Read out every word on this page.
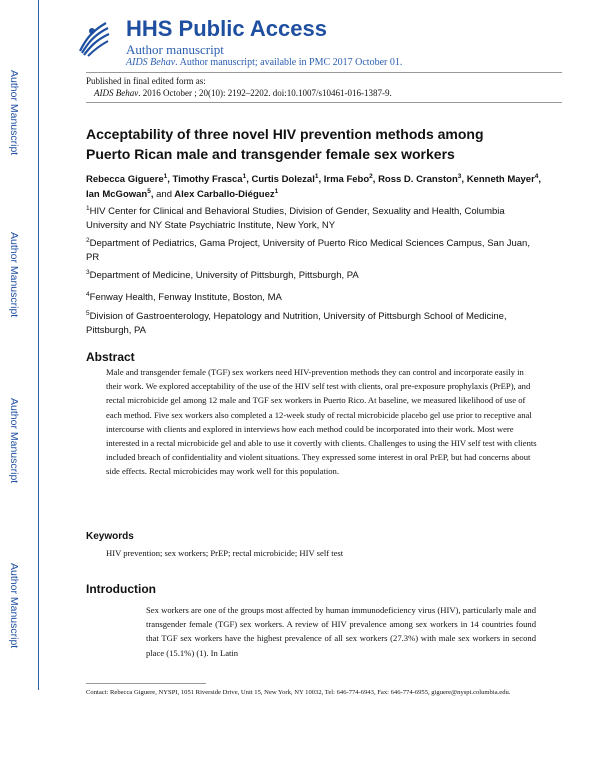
Author Manuscript
Author Manuscript
Author Manuscript
Author Manuscript
HHS Public Access
Author manuscript
AIDS Behav. Author manuscript; available in PMC 2017 October 01.
Published in final edited form as:
AIDS Behav. 2016 October ; 20(10): 2192–2202. doi:10.1007/s10461-016-1387-9.
Acceptability of three novel HIV prevention methods among Puerto Rican male and transgender female sex workers
Rebecca Giguere$^1$, Timothy Frasca$^1$, Curtis Dolezal$^1$, Irma Febo$^2$, Ross D. Cranston$^3$, Kenneth Mayer$^4$, Ian McGowan$^5$, and Alex Carballo-Diéguez$^1$
$^1$HIV Center for Clinical and Behavioral Studies, Division of Gender, Sexuality and Health, Columbia University and NY State Psychiatric Institute, New York, NY
$^2$Department of Pediatrics, Gama Project, University of Puerto Rico Medical Sciences Campus, San Juan, PR
$^3$Department of Medicine, University of Pittsburgh, Pittsburgh, PA
$^4$Fenway Health, Fenway Institute, Boston, MA
$^5$Division of Gastroenterology, Hepatology and Nutrition, University of Pittsburgh School of Medicine, Pittsburgh, PA
Abstract
Male and transgender female (TGF) sex workers need HIV-prevention methods they can control and incorporate easily in their work. We explored acceptability of the use of the HIV self test with clients, oral pre-exposure prophylaxis (PrEP), and rectal microbicide gel among 12 male and TGF sex workers in Puerto Rico. At baseline, we measured likelihood of use of each method. Five sex workers also completed a 12-week study of rectal microbicide placebo gel use prior to receptive anal intercourse with clients and explored in interviews how each method could be incorporated into their work. Most were interested in a rectal microbicide gel and able to use it covertly with clients. Challenges to using the HIV self test with clients included breach of confidentiality and violent situations. They expressed some interest in oral PrEP, but had concerns about side effects. Rectal microbicides may work well for this population.
Keywords
HIV prevention; sex workers; PrEP; rectal microbicide; HIV self test
Introduction

Sex workers are one of the groups most affected by human immunodeficiency virus (HIV), particularly male and transgender female (TGF) sex workers. A review of HIV prevalence among sex workers in 14 countries found that TGF sex workers have the highest prevalence of all sex workers (27.3%) with male sex workers in second place (15.1%) (1). In Latin

Contact: Rebecca Giguere, NYSPI, 1051 Riverside Drive, Unit 15, New York, NY 10032, Tel: 646-774-6943, Fax: 646-774-6955, giguere@nyspi.columbia.edu.
